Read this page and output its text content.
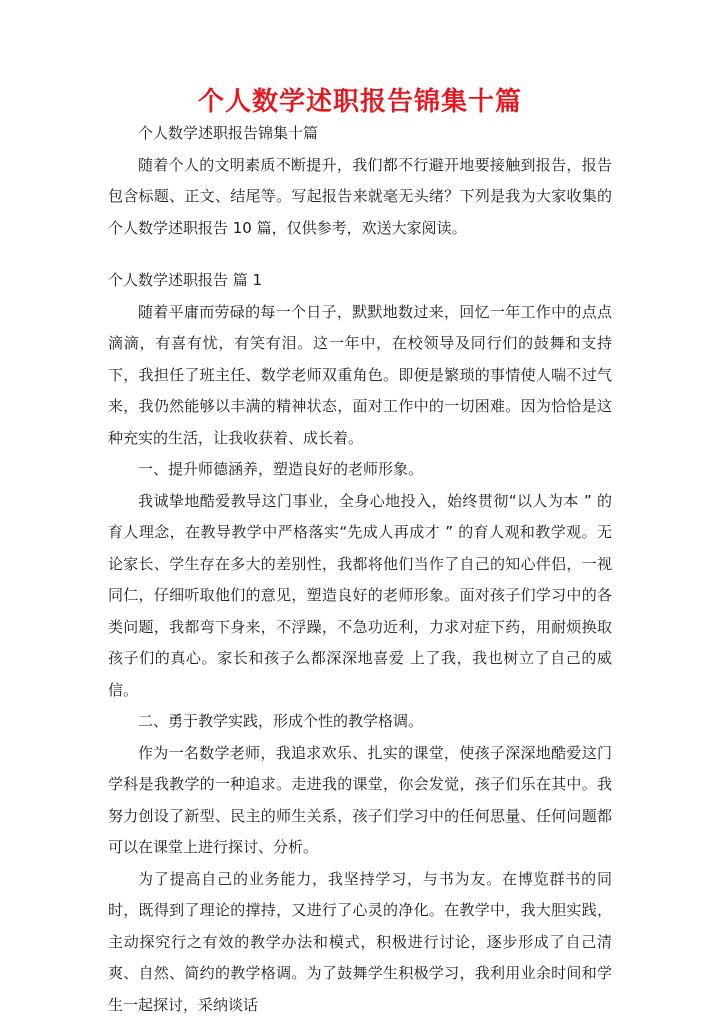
个人数学述职报告锦集十篇

个人数学述职报告锦集十篇

随着个人的文明素质不断提升，我们都不行避开地要接触到报告，报告包含标题、正文、结尾等。写起报告来就毫无头绪？下列是我为大家收集的个人数学述职报告 10 篇，仅供参考，欢送大家阅读。

个人数学述职报告 篇 1

随着平庸而劳碌的每一个日子，默默地数过来，回忆一年工作中的点点滴滴，有喜有忧，有笑有泪。这一年中，在校领导及同行们的鼓舞和支持下，我担任了班主任、数学老师双重角色。即便是繁琐的事情使人喘不过气来，我仍然能够以丰满的精神状态，面对工作中的一切困难。因为恰恰是这种充实的生活，让我收获着、成长着。

一、提升师德涵养，塑造良好的老师形象。

我诚挚地酷爱教导这门事业，全身心地投入，始终贯彻“以人为本 ” 的育人理念，在教导教学中严格落实“先成人再成才 ” 的育人观和教学观。无论家长、学生存在多大的差别性，我都将他们当作了自己的知心伴侣，一视同仁，仔细听取他们的意见，塑造良好的老师形象。面对孩子们学习中的各类问题，我都弯下身来，不浮躁，不急功近利，力求对症下药，用耐烦换取孩子们的真心。家长和孩子么都深深地喜爱 上了我，我也树立了自己的威信。

二、勇于教学实践，形成个性的教学格调。

作为一名数学老师，我追求欢乐、扎实的课堂，使孩子深深地酷爱这门学科是我教学的一种追求。走进我的课堂，你会发觉，孩子们乐在其中。我努力创设了新型、民主的师生关系，孩子们学习中的任何思量、任何问题都可以在课堂上进行探讨、分析。

为了提高自己的业务能力，我坚持学习，与书为友。在博览群书的同时，既得到了理论的撑持，又进行了心灵的净化。在教学中，我大胆实践，主动探究行之有效的教学办法和模式，积极进行讨论，逐步形成了自己清爽、自然、简约的教学格调。为了鼓舞学生积极学习，我利用业余时间和学生一起探讨，采纳谈话
